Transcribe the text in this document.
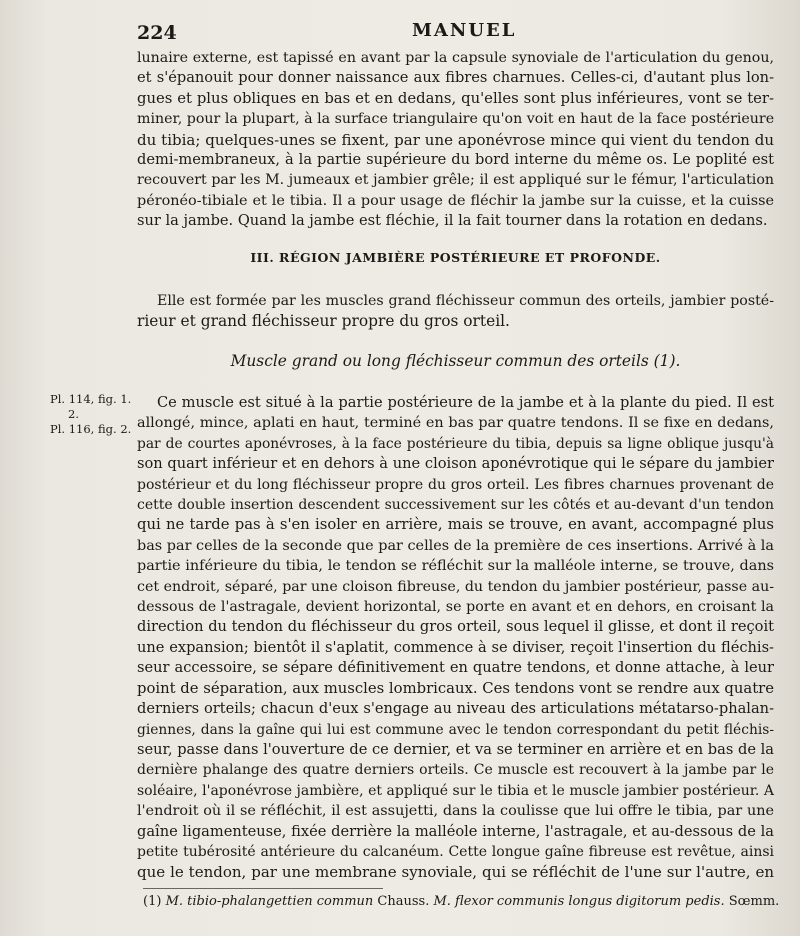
224	MANUEL
lunaire externe, est tapissé en avant par la capsule synoviale de l'articulation du genou,
et s'épanouit pour donner naissance aux fibres charnues. Celles-ci, d'autant plus lon-
gues et plus obliques en bas et en dedans, qu'elles sont plus inférieures, vont se ter-
miner, pour la plupart, à la surface triangulaire qu'on voit en haut de la face postérieure
du tibia; quelques-unes se fixent, par une aponévrose mince qui vient du tendon du
demi-membraneux, à la partie supérieure du bord interne du même os. Le poplité est
recouvert par les M. jumeaux et jambier grêle; il est appliqué sur le fémur, l'articulation
péronéo-tibiale et le tibia. Il a pour usage de fléchir la jambe sur la cuisse, et la cuisse
sur la jambe. Quand la jambe est fléchie, il la fait tourner dans la rotation en dedans.
III. RÉGION JAMBIÈRE POSTÉRIEURE ET PROFONDE.
Elle est formée par les muscles grand fléchisseur commun des orteils, jambier posté-
rieur et grand fléchisseur propre du gros orteil.
Muscle grand ou long fléchisseur commun des orteils (1).
Pl. 114, fig. 1.
2.
Pl. 116, fig. 2.
Ce muscle est situé à la partie postérieure de la jambe et à la plante du pied. Il est
allongé, mince, aplati en haut, terminé en bas par quatre tendons. Il se fixe en dedans,
par de courtes aponévroses, à la face postérieure du tibia, depuis sa ligne oblique jusqu'à
son quart inférieur et en dehors à une cloison aponévrotique qui le sépare du jambier
postérieur et du long fléchisseur propre du gros orteil. Les fibres charnues provenant de
cette double insertion descendent successivement sur les côtés et au-devant d'un tendon
qui ne tarde pas à s'en isoler en arrière, mais se trouve, en avant, accompagné plus
bas par celles de la seconde que par celles de la première de ces insertions. Arrivé à la
partie inférieure du tibia, le tendon se réfléchit sur la malléole interne, se trouve, dans
cet endroit, séparé, par une cloison fibreuse, du tendon du jambier postérieur, passe au-
dessous de l'astragale, devient horizontal, se porte en avant et en dehors, en croisant la
direction du tendon du fléchisseur du gros orteil, sous lequel il glisse, et dont il reçoit
une expansion; bientôt il s'aplatit, commence à se diviser, reçoit l'insertion du fléchis-
seur accessoire, se sépare définitivement en quatre tendons, et donne attache, à leur
point de séparation, aux muscles lombricaux. Ces tendons vont se rendre aux quatre
derniers orteils; chacun d'eux s'engage au niveau des articulations métatarso-phalan-
giennes, dans la gaîne qui lui est commune avec le tendon correspondant du petit fléchis-
seur, passe dans l'ouverture de ce dernier, et va se terminer en arrière et en bas de la
dernière phalange des quatre derniers orteils. Ce muscle est recouvert à la jambe par le
soléaire, l'aponévrose jambière, et appliqué sur le tibia et le muscle jambier postérieur. A
l'endroit où il se réfléchit, il est assujetti, dans la coulisse que lui offre le tibia, par une
gaîne ligamenteuse, fixée derrière la malléole interne, l'astragale, et au-dessous de la
petite tubérosité antérieure du calcanéum. Cette longue gaîne fibreuse est revêtue, ainsi
que le tendon, par une membrane synoviale, qui se réfléchit de l'une sur l'autre, en
(1) M. tibio-phalangettien commun Chauss. M. flexor communis longus digitorum pedis. Sœmm.
